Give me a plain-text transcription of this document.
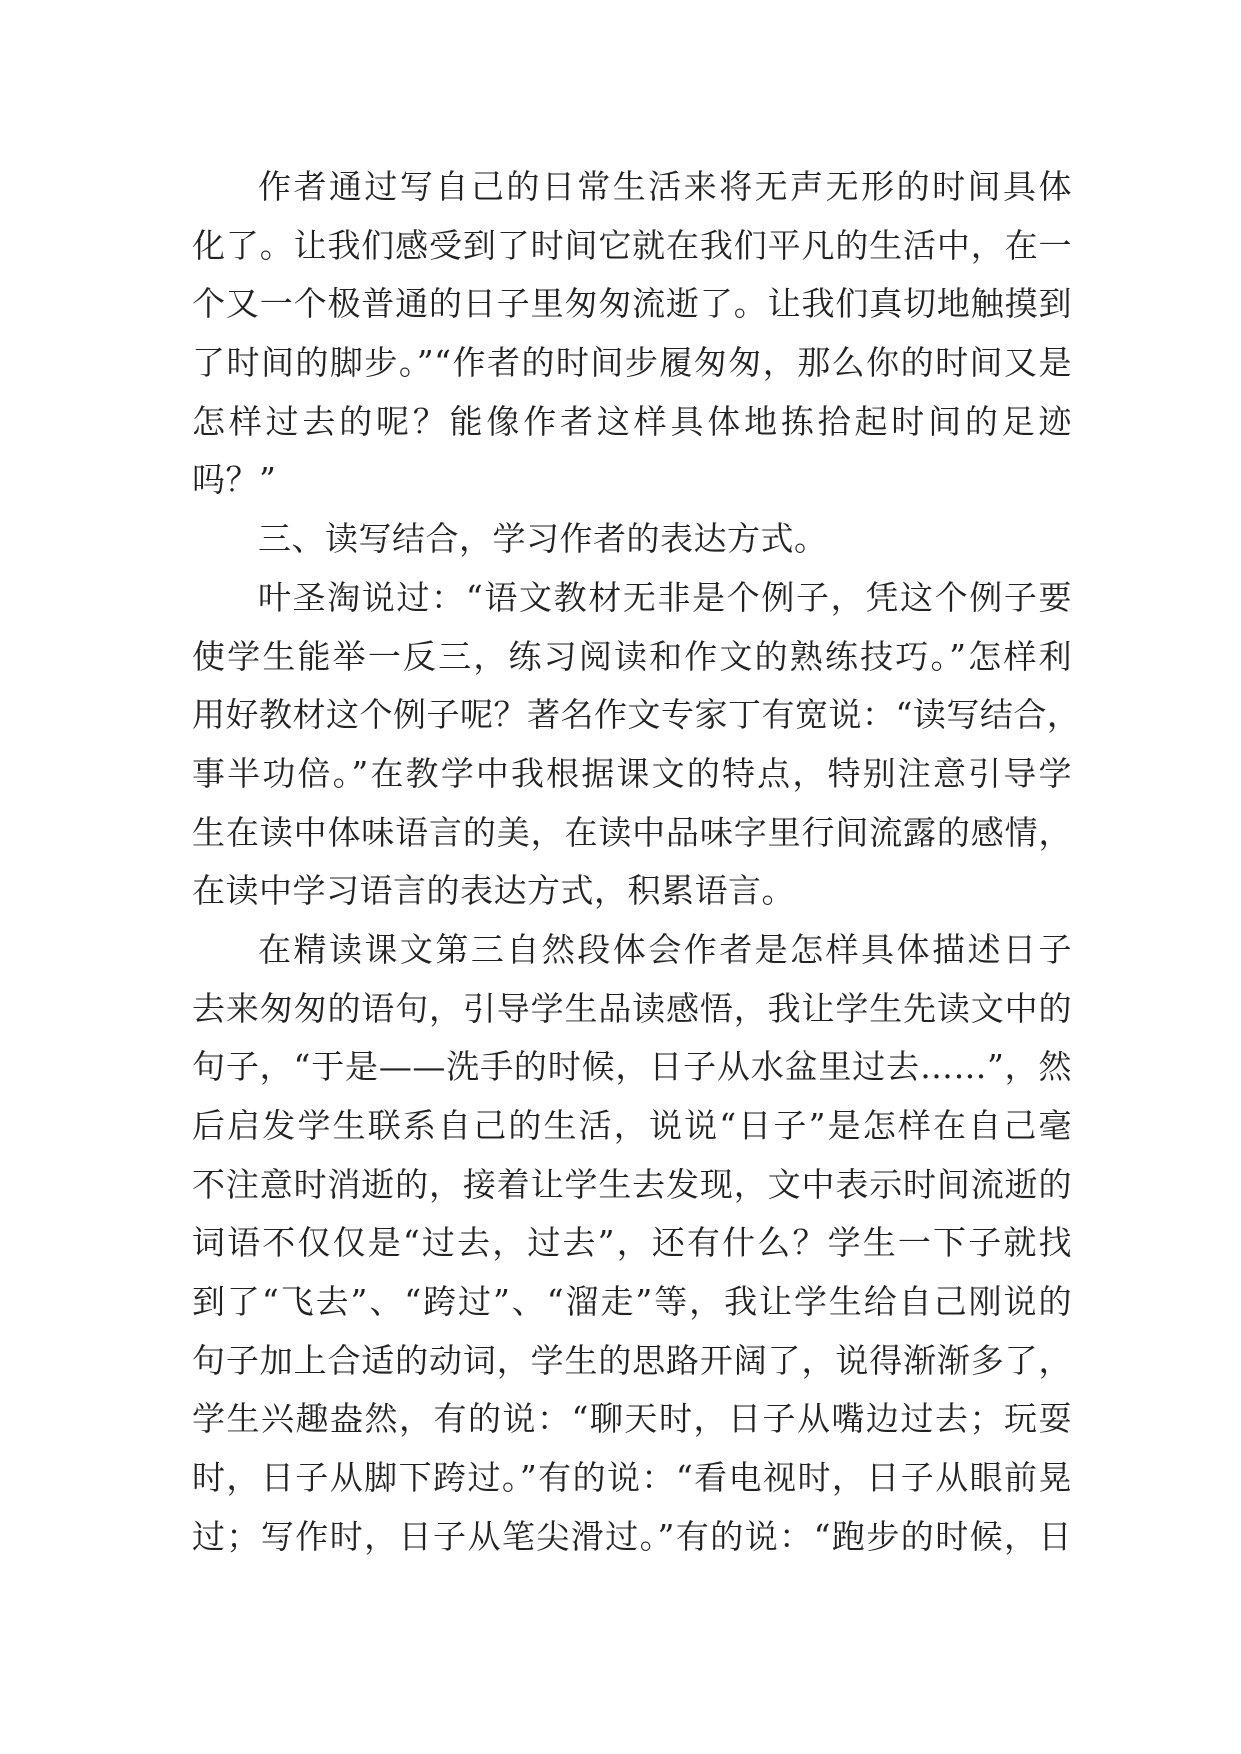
作者通过写自己的日常生活来将无声无形的时间具体
化了。让我们感受到了时间它就在我们平凡的生活中，在一
个又一个极普通的日子里匆匆流逝了。让我们真切地触摸到
了时间的脚步。”“作者的时间步履匆匆，那么你的时间又是
怎样过去的呢？能像作者这样具体地拣拾起时间的足迹
吗？”
三、读写结合，学习作者的表达方式。
叶圣淘说过：“语文教材无非是个例子，凭这个例子要
使学生能举一反三，练习阅读和作文的熟练技巧。”怎样利
用好教材这个例子呢？著名作文专家丁有宽说：“读写结合，
事半功倍。”在教学中我根据课文的特点，特别注意引导学
生在读中体味语言的美，在读中品味字里行间流露的感情，
在读中学习语言的表达方式，积累语言。
在精读课文第三自然段体会作者是怎样具体描述日子
去来匆匆的语句，引导学生品读感悟，我让学生先读文中的
句子，“于是——洗手的时候，日子从水盆里过去……”，然
后启发学生联系自己的生活，说说“日子”是怎样在自己毫
不注意时消逝的，接着让学生去发现，文中表示时间流逝的
词语不仅仅是“过去，过去”，还有什么？学生一下子就找
到了“飞去”、“跨过”、“溜走”等，我让学生给自己刚说的
句子加上合适的动词，学生的思路开阔了，说得渐渐多了，
学生兴趣盎然，有的说：“聊天时，日子从嘴边过去；玩耍
时，日子从脚下跨过。”有的说：“看电视时，日子从眼前晃
过；写作时，日子从笔尖滑过。”有的说：“跑步的时候，日
